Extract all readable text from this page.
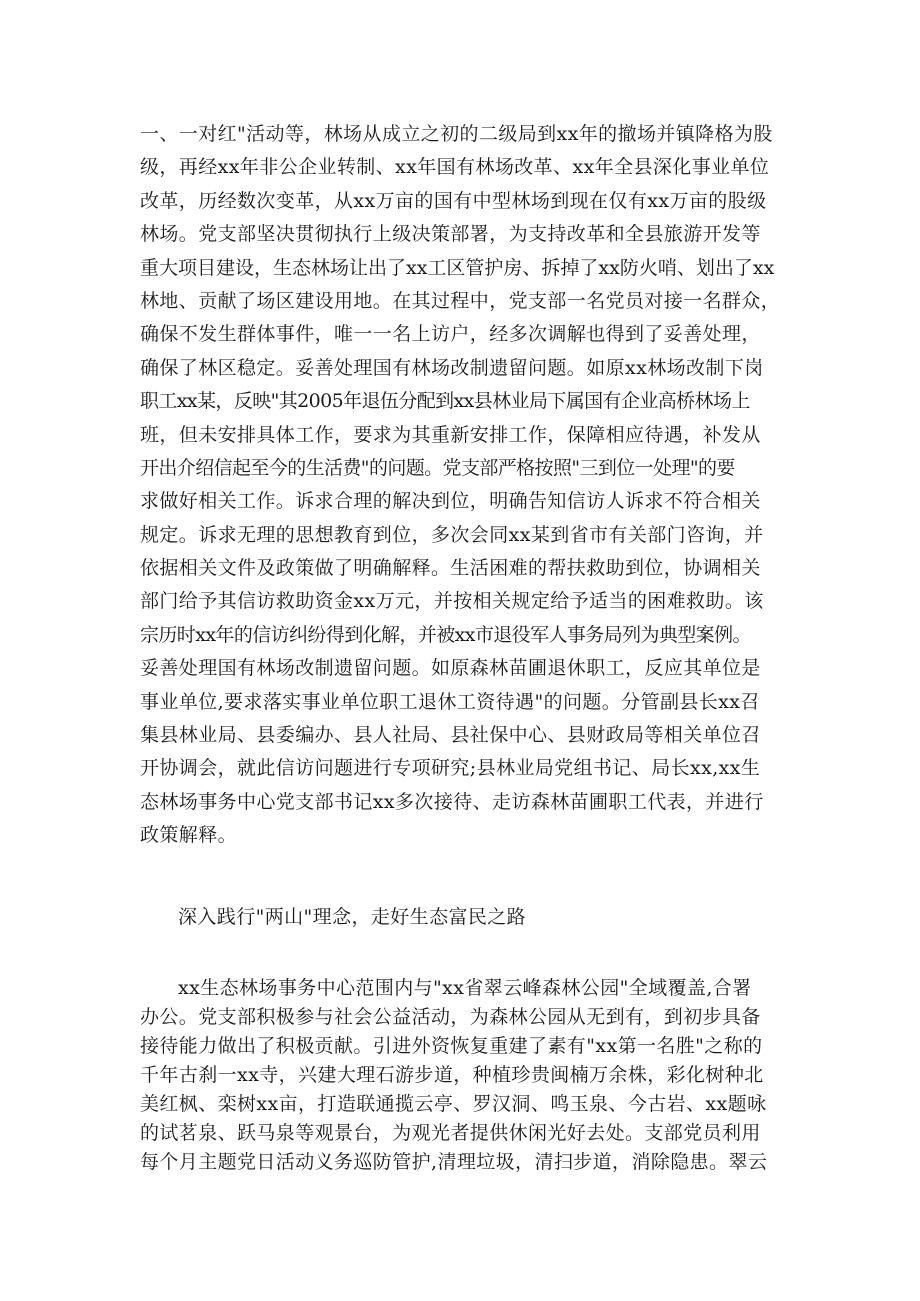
一、一对红"活动等，林场从成立之初的二级局到xx年的撤场并镇降格为股
级，再经xx年非公企业转制、xx年国有林场改革、xx年全县深化事业单位
改革，历经数次变革，从xx万亩的国有中型林场到现在仅有xx万亩的股级
林场。党支部坚决贯彻执行上级决策部署，为支持改革和全县旅游开发等
重大项目建设，生态林场让出了xx工区管护房、拆掉了xx防火哨、划出了xx
林地、贡献了场区建设用地。在其过程中，党支部一名党员对接一名群众，
确保不发生群体事件，唯一一名上访户，经多次调解也得到了妥善处理，
确保了林区稳定。妥善处理国有林场改制遗留问题。如原xx林场改制下岗
职工xx某，反映"其2005年退伍分配到xx县林业局下属国有企业高桥林场上
班，但未安排具体工作，要求为其重新安排工作，保障相应待遇，补发从
开出介绍信起至今的生活费"的问题。党支部严格按照"三到位一处理"的要
求做好相关工作。诉求合理的解决到位，明确告知信访人诉求不符合相关
规定。诉求无理的思想教育到位，多次会同xx某到省市有关部门咨询，并
依据相关文件及政策做了明确解释。生活困难的帮扶救助到位，协调相关
部门给予其信访救助资金xx万元，并按相关规定给予适当的困难救助。该
宗历时xx年的信访纠纷得到化解，并被xx市退役军人事务局列为典型案例。
妥善处理国有林场改制遗留问题。如原森林苗圃退休职工，反应其单位是
事业单位,要求落实事业单位职工退休工资待遇"的问题。分管副县长xx召
集县林业局、县委编办、县人社局、县社保中心、县财政局等相关单位召
开协调会，就此信访问题进行专项研究;县林业局党组书记、局长xx,xx生
态林场事务中心党支部书记xx多次接待、走访森林苗圃职工代表，并进行
政策解释。
深入践行"两山"理念，走好生态富民之路
xx生态林场事务中心范围内与"xx省翠云峰森林公园"全域覆盖,合署
办公。党支部积极参与社会公益活动，为森林公园从无到有，到初步具备
接待能力做出了积极贡献。引进外资恢复重建了素有"xx第一名胜"之称的
千年古刹一xx寺，兴建大理石游步道，种植珍贵闽楠万余株，彩化树种北
美红枫、栾树xx亩，打造联通揽云亭、罗汉洞、鸣玉泉、今古岩、xx题咏
的试茗泉、跃马泉等观景台，为观光者提供休闲光好去处。支部党员利用
每个月主题党日活动义务巡防管护,清理垃圾，清扫步道，消除隐患。翠云
